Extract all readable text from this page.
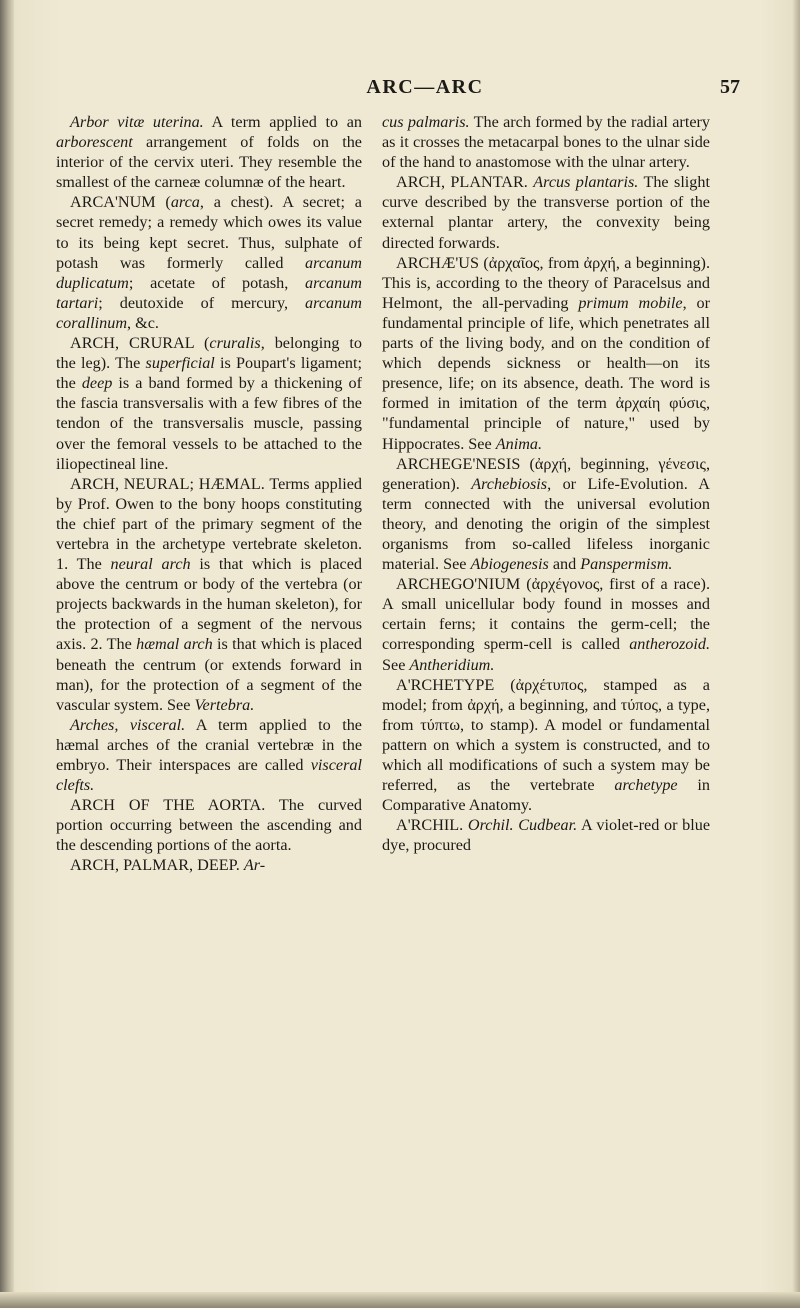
ARC—ARC	57

Arbor vitæ uterina. A term applied to an arborescent arrangement of folds on the interior of the cervix uteri. They resemble the smallest of the carneæ columnæ of the heart.

ARCA'NUM (arca, a chest). A secret; a secret remedy; a remedy which owes its value to its being kept secret. Thus, sulphate of potash was formerly called arcanum duplicatum; acetate of potash, arcanum tartari; deutoxide of mercury, arcanum corallinum, &c.

ARCH, CRURAL (cruralis, belonging to the leg). The superficial is Poupart's ligament; the deep is a band formed by a thickening of the fascia transversalis with a few fibres of the tendon of the transversalis muscle, passing over the femoral vessels to be attached to the iliopectineal line.

ARCH, NEURAL; HÆMAL. Terms applied by Prof. Owen to the bony hoops constituting the chief part of the primary segment of the vertebra in the archetype vertebrate skeleton. 1. The neural arch is that which is placed above the centrum or body of the vertebra (or projects backwards in the human skeleton), for the protection of a segment of the nervous axis. 2. The hæmal arch is that which is placed beneath the centrum (or extends forward in man), for the protection of a segment of the vascular system. See Vertebra.

Arches, visceral. A term applied to the hæmal arches of the cranial vertebræ in the embryo. Their interspaces are called visceral clefts.

ARCH OF THE AORTA. The curved portion occurring between the ascending and the descending portions of the aorta.

ARCH, PALMAR, DEEP. Ar-

cus palmaris. The arch formed by the radial artery as it crosses the metacarpal bones to the ulnar side of the hand to anastomose with the ulnar artery.

ARCH, PLANTAR. Arcus plantaris. The slight curve described by the transverse portion of the external plantar artery, the convexity being directed forwards.

ARCHÆ'US (ἀρχαῖος, from ἀρχή, a beginning). This is, according to the theory of Paracelsus and Helmont, the all-pervading primum mobile, or fundamental principle of life, which penetrates all parts of the living body, and on the condition of which depends sickness or health—on its presence, life; on its absence, death. The word is formed in imitation of the term ἀρχαίη φύσις, "fundamental principle of nature," used by Hippocrates. See Anima.

ARCHEGE'NESIS (ἀρχή, beginning, γένεσις, generation). Archebiosis, or Life-Evolution. A term connected with the universal evolution theory, and denoting the origin of the simplest organisms from so-called lifeless inorganic material. See Abiogenesis and Panspermism.

ARCHEGO'NIUM (ἀρχέγονος, first of a race). A small unicellular body found in mosses and certain ferns; it contains the germ-cell; the corresponding sperm-cell is called antherozoid. See Antheridium.

A'RCHETYPE (ἀρχέτυπος, stamped as a model; from ἀρχή, a beginning, and τύπος, a type, from τύπτω, to stamp). A model or fundamental pattern on which a system is constructed, and to which all modifications of such a system may be referred, as the vertebrate archetype in Comparative Anatomy.

A'RCHIL. Orchil. Cudbear. A violet-red or blue dye, procured
